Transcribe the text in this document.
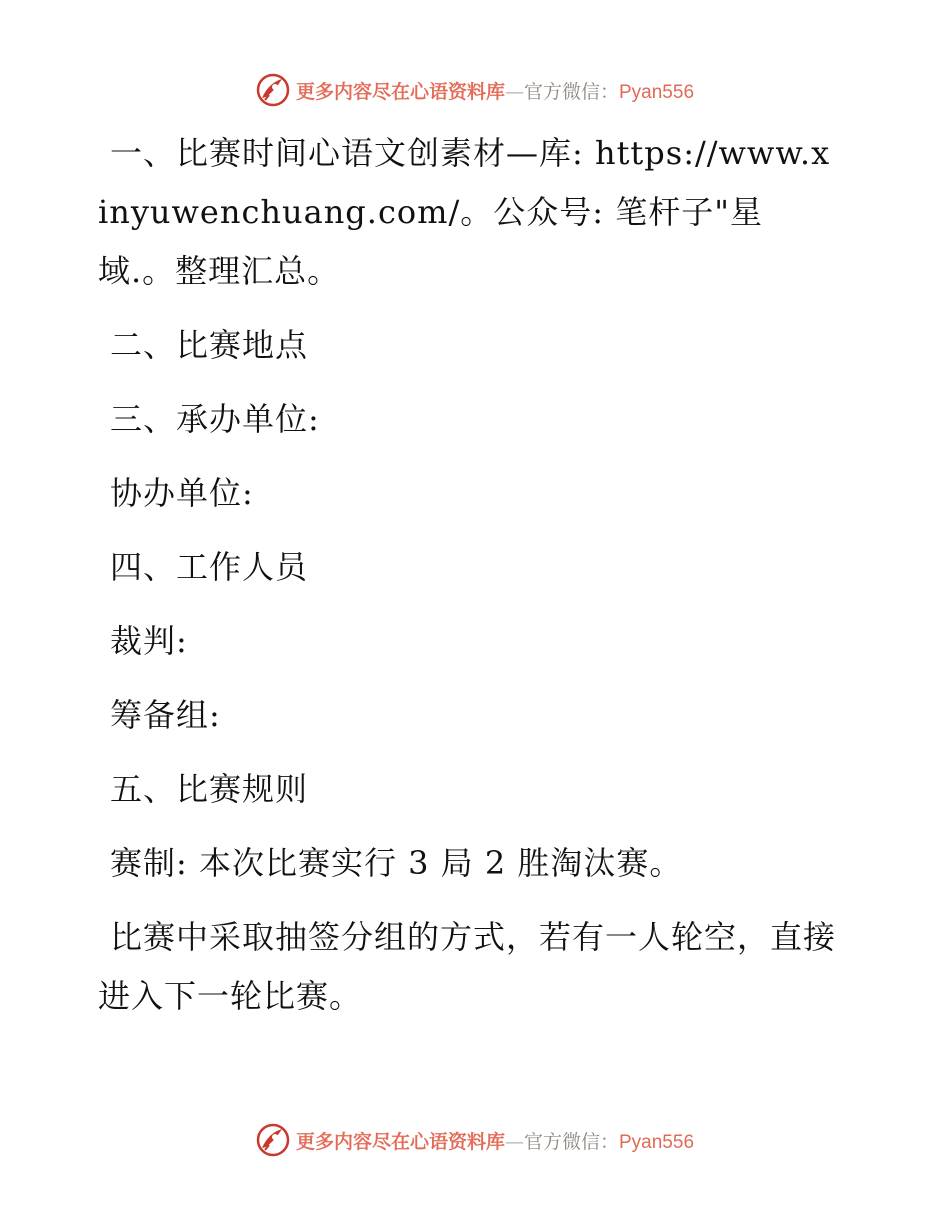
更多内容尽在心语资料库—官方微信：Pyan556

一、比赛时间心语文创素材—库: https://www.xinyuwenchuang.com/。公众号: 笔杆子"星域.。整理汇总。

二、比赛地点

三、承办单位:

协办单位:

四、工作人员

裁判:

筹备组:

五、比赛规则

赛制: 本次比赛实行 3 局 2 胜淘汰赛。

比赛中采取抽签分组的方式，若有一人轮空，直接进入下一轮比赛。

更多内容尽在心语资料库—官方微信：Pyan556
